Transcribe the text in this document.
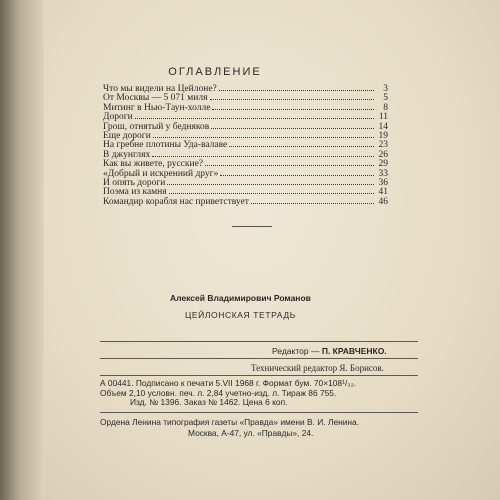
ОГЛАВЛЕНИЕ
Что мы видели на Цейлоне?	3
От Москвы — 5 071 миля	5
Митинг в Нью-Таун-холле	8
Дороги	11
Грош, отнятый у бедняков	14
Еще дороги	19
На гребне плотины Уда-валаве	23
В джунглях	26
Как вы живете, русские?	29
«Добрый и искренний друг»	33
И опять дороги	36
Поэма из камня	41
Командир корабля нас приветствует	46
Алексей Владимирович Романов
ЦЕЙЛОНСКАЯ ТЕТРАДЬ
Редактор — П. КРАВЧЕНКО.
Технический редактор Я. Борисов.
А 00441. Подписано к печати 5.VII 1968 г. Формат бум. 70×108¹/₃₂.
Объем 2,10 условн. печ. л. 2,84 учетно-изд. л. Тираж 86 755.
Изд. № 1396. Заказ № 1462. Цена 6 коп.
Ордена Ленина типография газеты «Правда» имени В. И. Ленина.
Москва, А-47, ул. «Правды», 24.
